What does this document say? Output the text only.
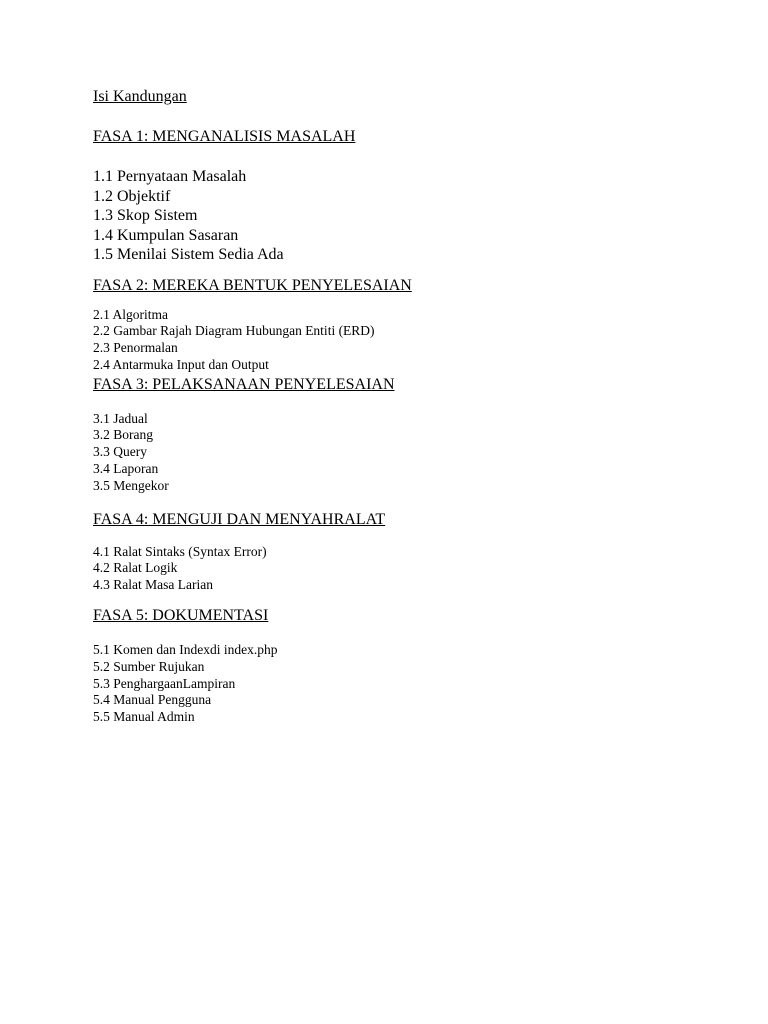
Isi Kandungan
FASA 1: MENGANALISIS MASALAH
1.1 Pernyataan Masalah
1.2 Objektif
1.3 Skop Sistem
1.4 Kumpulan Sasaran
1.5 Menilai Sistem Sedia Ada
FASA 2: MEREKA BENTUK PENYELESAIAN
2.1 Algoritma
2.2 Gambar Rajah Diagram Hubungan Entiti (ERD)
2.3 Penormalan
2.4 Antarmuka Input dan Output
FASA 3: PELAKSANAAN PENYELESAIAN
3.1 Jadual
3.2 Borang
3.3 Query
3.4 Laporan
3.5 Mengekor
FASA 4: MENGUJI DAN MENYAHRALAT
4.1 Ralat Sintaks (Syntax Error)
4.2 Ralat Logik
4.3 Ralat Masa Larian
FASA 5: DOKUMENTASI
5.1 Komen dan Indexdi index.php
5.2 Sumber Rujukan
5.3 PenghargaanLampiran
5.4 Manual Pengguna
5.5 Manual Admin
